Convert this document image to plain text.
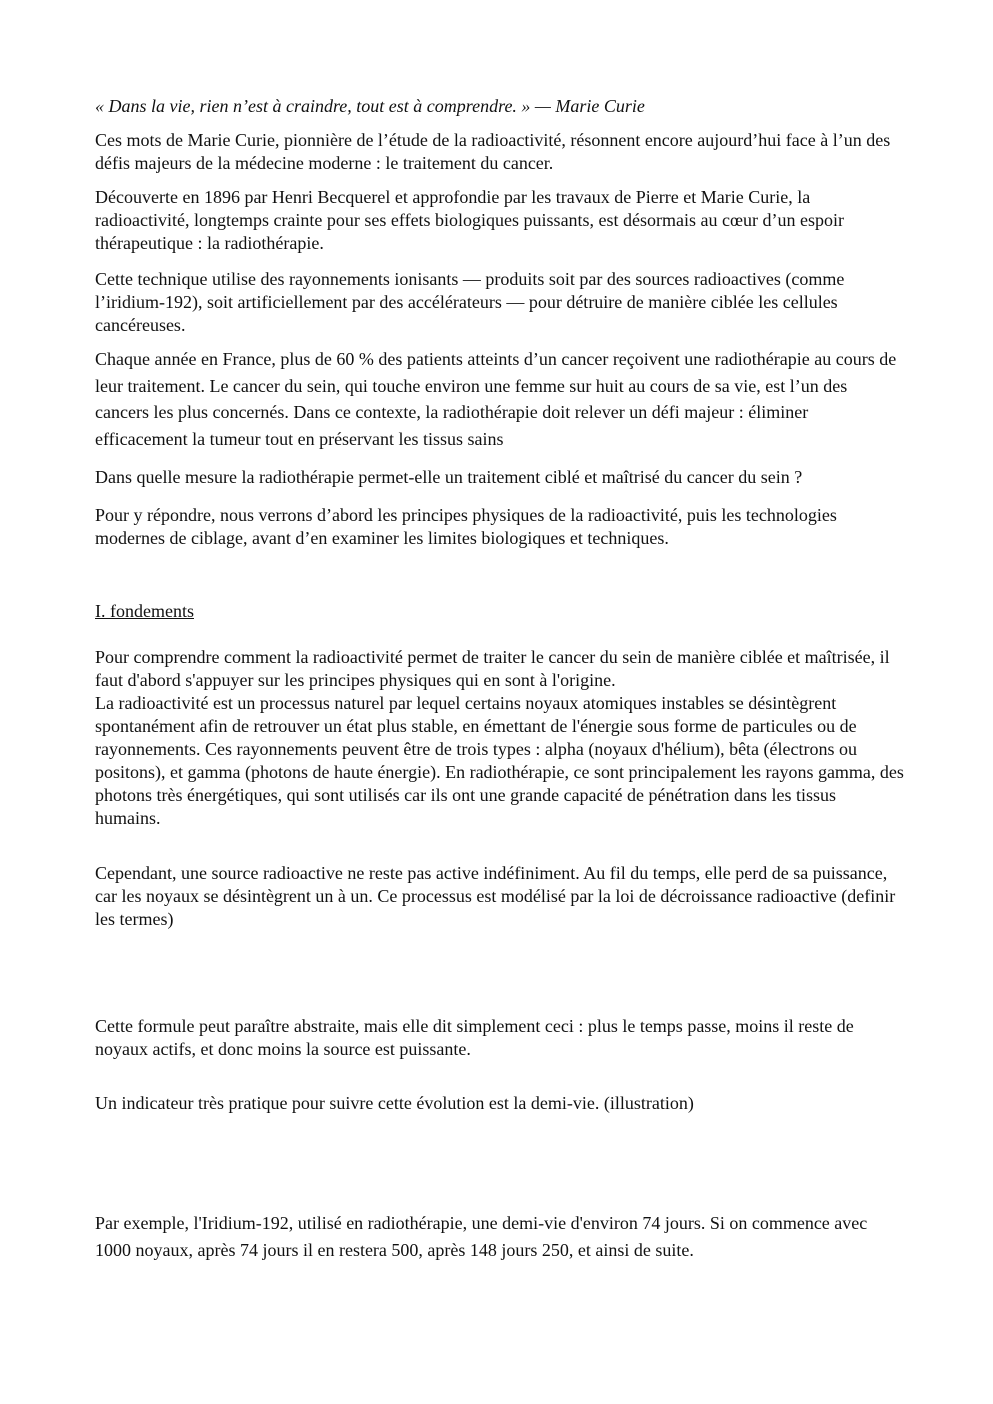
« Dans la vie, rien n’est à craindre, tout est à comprendre. » — Marie Curie

Ces mots de Marie Curie, pionnière de l’étude de la radioactivité, résonnent encore aujourd’hui face à l’un des défis majeurs de la médecine moderne : le traitement du cancer.

Découverte en 1896 par Henri Becquerel et approfondie par les travaux de Pierre et Marie Curie, la radioactivité, longtemps crainte pour ses effets biologiques puissants, est désormais au cœur d’un espoir thérapeutique : la radiothérapie.

Cette technique utilise des rayonnements ionisants — produits soit par des sources radioactives (comme l’iridium-192), soit artificiellement par des accélérateurs — pour détruire de manière ciblée les cellules cancéreuses.

Chaque année en France, plus de 60 % des patients atteints d’un cancer reçoivent une radiothérapie au cours de leur traitement. Le cancer du sein, qui touche environ une femme sur huit au cours de sa vie, est l’un des cancers les plus concernés. Dans ce contexte, la radiothérapie doit relever un défi majeur : éliminer efficacement la tumeur tout en préservant les tissus sains

Dans quelle mesure la radiothérapie permet-elle un traitement ciblé et maîtrisé du cancer du sein ?

Pour y répondre, nous verrons d’abord les principes physiques de la radioactivité, puis les technologies modernes de ciblage, avant d’en examiner les limites biologiques et techniques.

I. fondements

Pour comprendre comment la radioactivité permet de traiter le cancer du sein de manière ciblée et maîtrisée, il faut d'abord s'appuyer sur les principes physiques qui en sont à l'origine.
La radioactivité est un processus naturel par lequel certains noyaux atomiques instables se désintègrent spontanément afin de retrouver un état plus stable, en émettant de l'énergie sous forme de particules ou de rayonnements. Ces rayonnements peuvent être de trois types : alpha (noyaux d'hélium), bêta (électrons ou positons), et gamma (photons de haute énergie). En radiothérapie, ce sont principalement les rayons gamma, des photons très énergétiques, qui sont utilisés car ils ont une grande capacité de pénétration dans les tissus humains.

Cependant, une source radioactive ne reste pas active indéfiniment. Au fil du temps, elle perd de sa puissance, car les noyaux se désintègrent un à un. Ce processus est modélisé par la loi de décroissance radioactive (definir les termes)

Cette formule peut paraître abstraite, mais elle dit simplement ceci : plus le temps passe, moins il reste de noyaux actifs, et donc moins la source est puissante.

Un indicateur très pratique pour suivre cette évolution est la demi-vie. (illustration)

Par exemple, l'Iridium-192, utilisé en radiothérapie, une demi-vie d'environ 74 jours. Si on commence avec 1000 noyaux, après 74 jours il en restera 500, après 148 jours 250, et ainsi de suite.
